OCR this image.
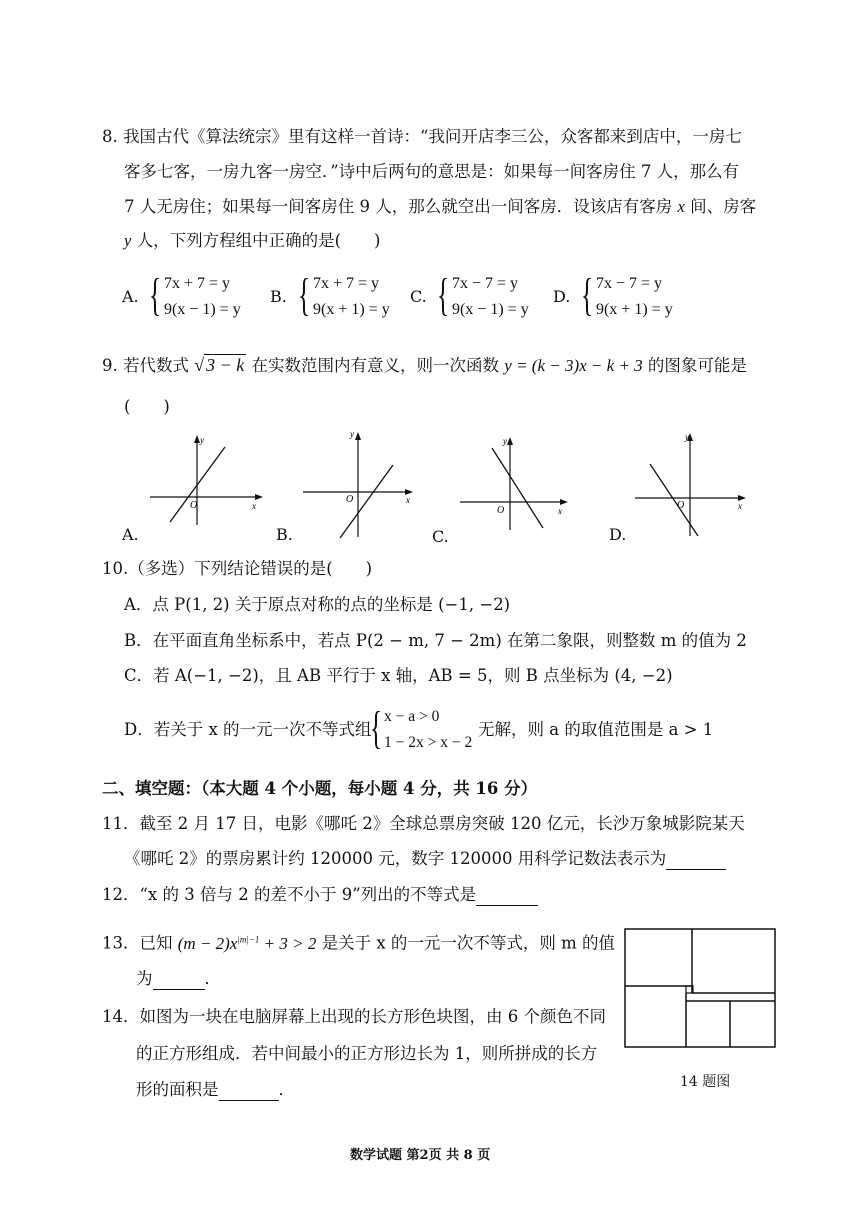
8. 我国古代《算法统宗》里有这样一首诗：“我问开店李三公，众客都来到店中，一房七
客多七客，一房九客一房空．”诗中后两句的意思是：如果每一间客房住 7 人，那么有
7 人无房住；如果每一间客房住 9 人，那么就空出一间客房．设该店有客房 x 间、房客
y 人，下列方程组中正确的是(　　)
A. { 7x + 7 = y
9(x − 1) = y
B. { 7x + 7 = y
9(x + 1) = y
C. { 7x − 7 = y
9(x − 1) = y
D. { 7x − 7 = y
9(x + 1) = y
9. 若代数式 √ 3 − k 在实数范围内有意义，则一次函数 y = (k − 3)x − k + 3 的图象可能是
(　　)
y
x
O
A.
y
x
O
B.
y
x
O
C.
y
x
O
D.
10.（多选）下列结论错误的是(　　)
A．点 P(1, 2) 关于原点对称的点的坐标是 (−1, −2)
B．在平面直角坐标系中，若点 P(2 − m, 7 − 2m) 在第二象限，则整数 m 的值为 2
C．若 A(−1, −2)，且 AB 平行于 x 轴，AB = 5，则 B 点坐标为 (4, −2)
D．若关于 x 的一元一次不等式组
{ x − a > 0
1 − 2x > x − 2
无解，则 a 的取值范围是 a > 1
二、填空题：（本大题 4 个小题，每小题 4 分，共 16 分）
11．截至 2 月 17 日，电影《哪吒 2》全球总票房突破 120 亿元，长沙万象城影院某天
《哪吒 2》的票房累计约 120000 元，数字 120000 用科学记数法表示为
12．“x 的 3 倍与 2 的差不小于 9”列出的不等式是
13．已知 $(m - 2)x^{|m|-1} + 3 > 2$ 是关于 x 的一元一次不等式，则 m 的值
为	．
14．如图为一块在电脑屏幕上出现的长方形色块图，由 6 个颜色不同
的正方形组成．若中间最小的正方形边长为 1，则所拼成的长方
形的面积是	．	14 题图
数学试题 第2页 共 8 页
